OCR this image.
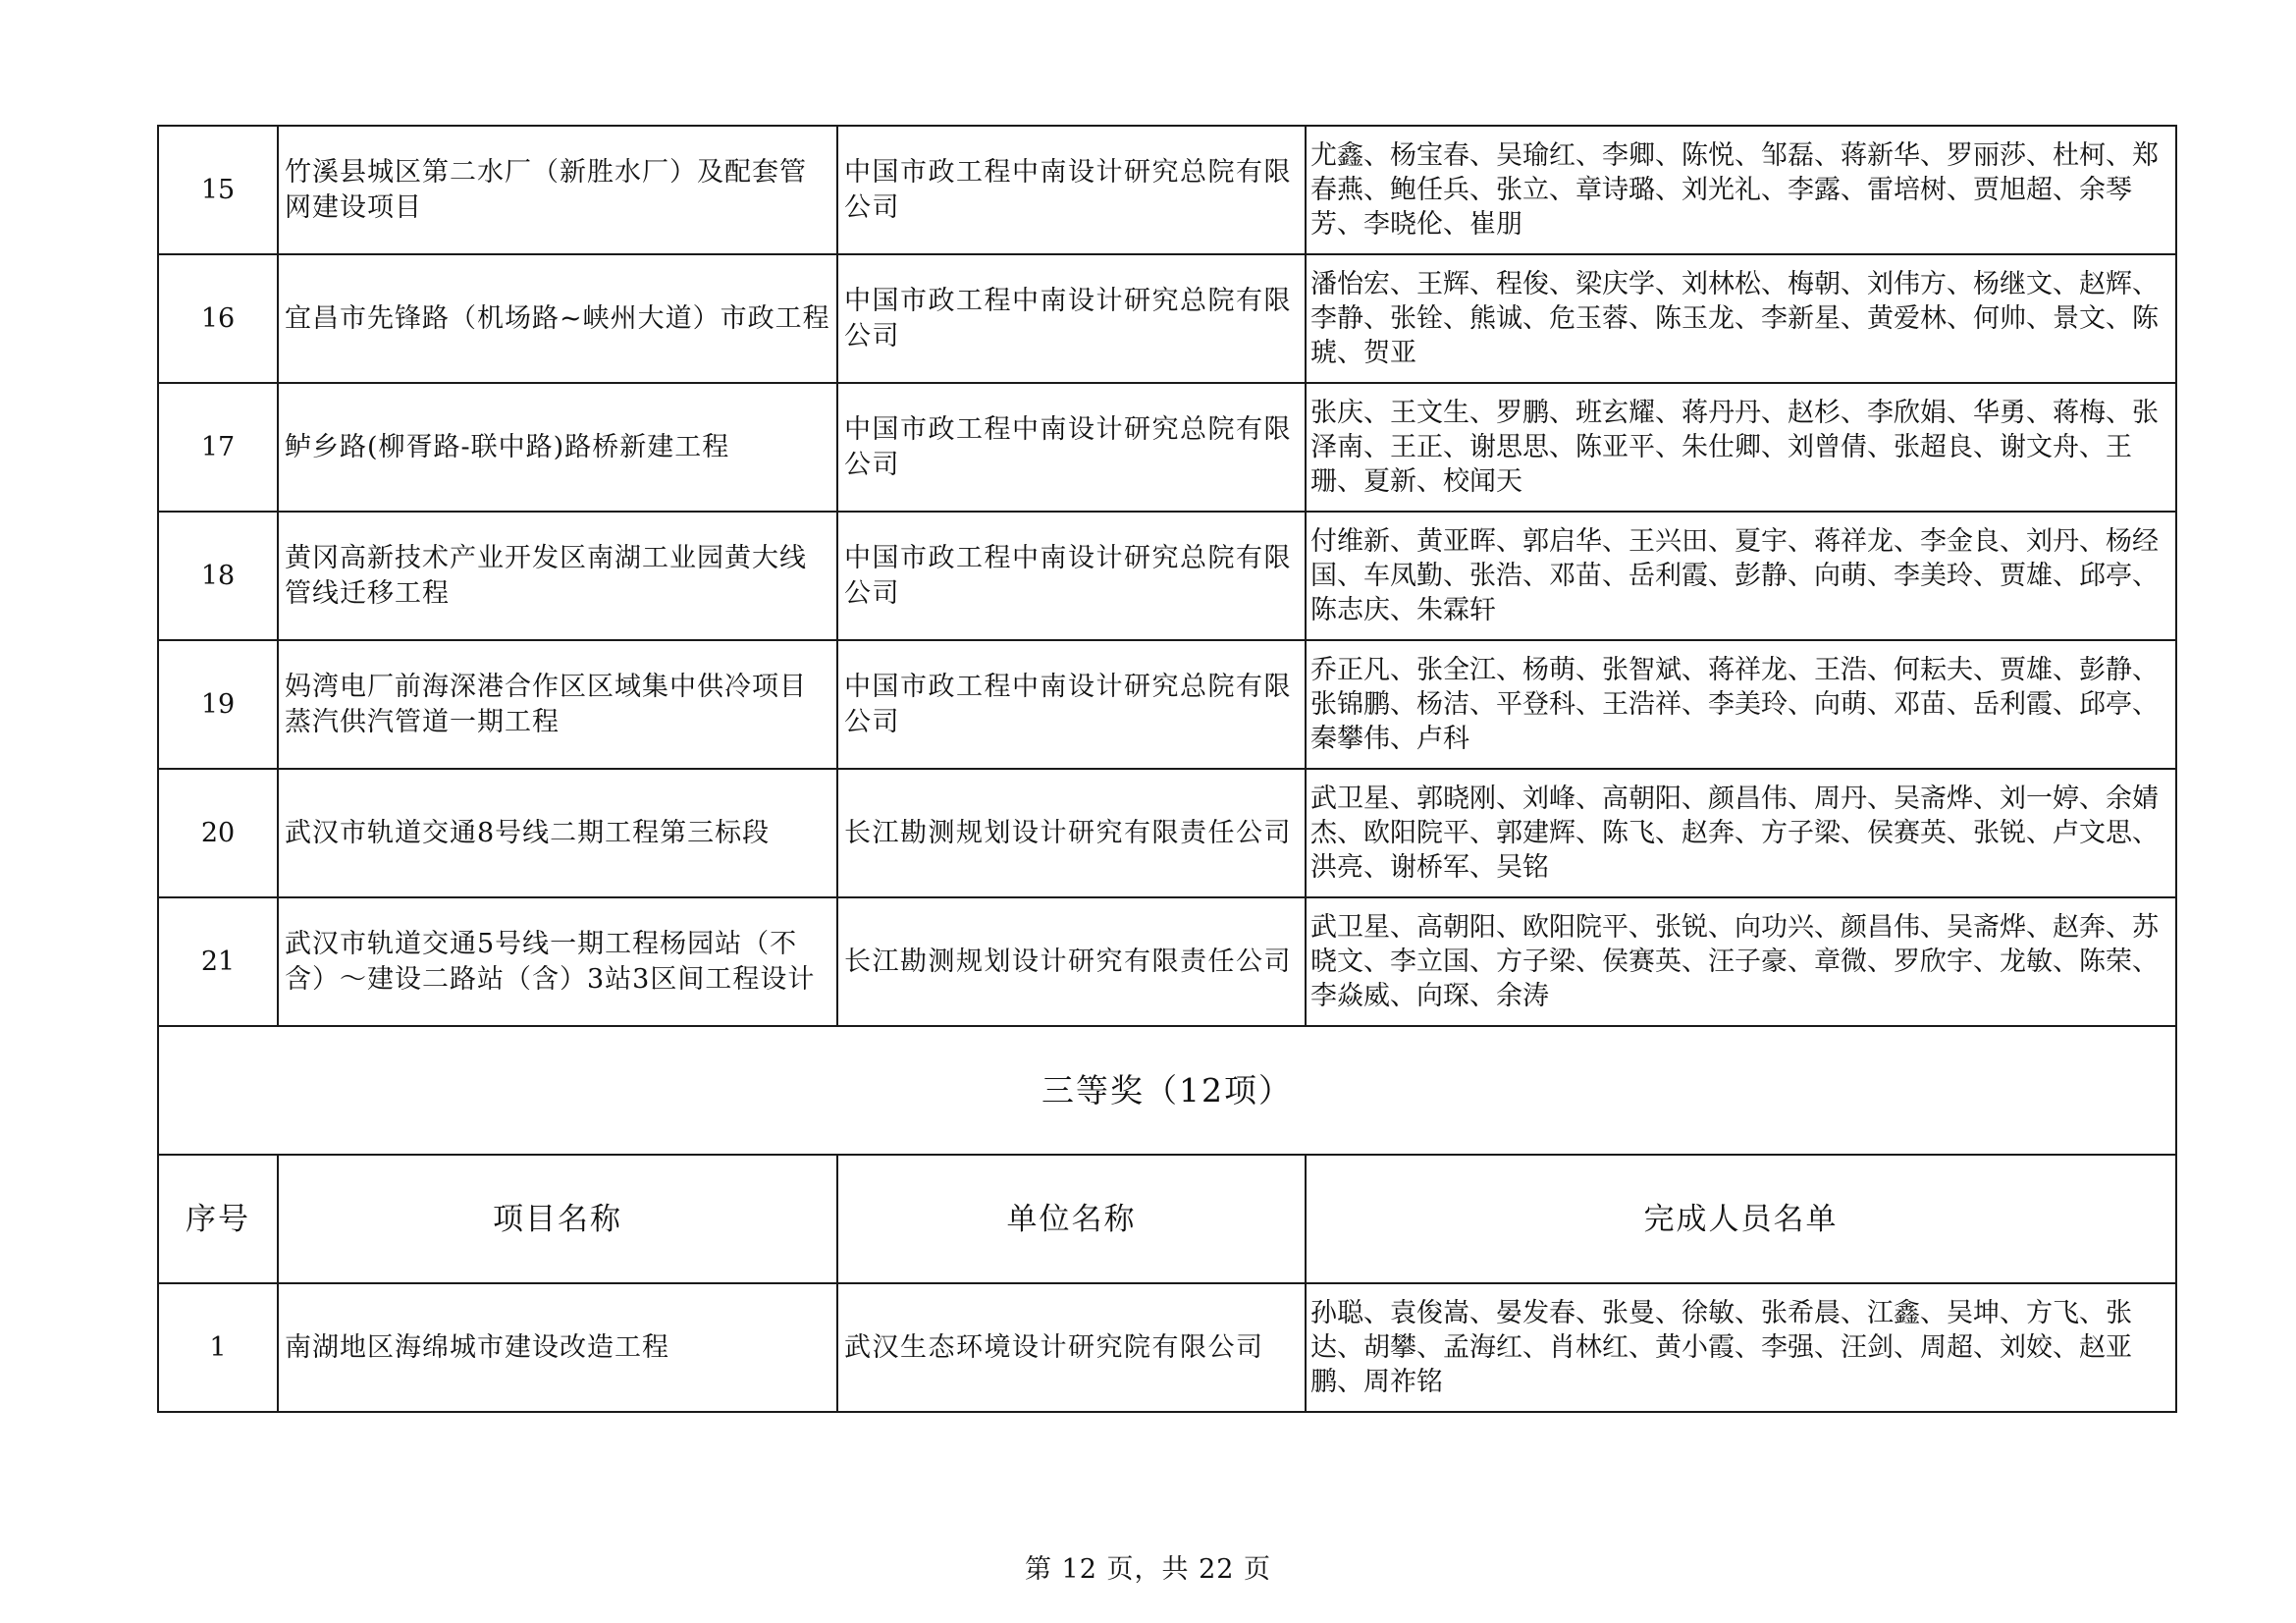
15	竹溪县城区第二水厂（新胜水厂）及配套管网建设项目	中国市政工程中南设计研究总院有限公司	尤鑫、杨宝春、吴瑜红、李卿、陈悦、邹磊、蒋新华、罗丽莎、杜柯、郑春燕、鲍任兵、张立、章诗璐、刘光礼、李露、雷培树、贾旭超、余琴芳、李晓伦、崔朋
16	宜昌市先锋路（机场路~峡州大道）市政工程	中国市政工程中南设计研究总院有限公司	潘怡宏、王辉、程俊、梁庆学、刘林松、梅朝、刘伟方、杨继文、赵辉、李静、张铨、熊诚、危玉蓉、陈玉龙、李新星、黄爱林、何帅、景文、陈琥、贺亚
17	鲈乡路(柳胥路-联中路)路桥新建工程	中国市政工程中南设计研究总院有限公司	张庆、王文生、罗鹏、班玄耀、蒋丹丹、赵杉、李欣娟、华勇、蒋梅、张泽南、王正、谢思思、陈亚平、朱仕卿、刘曾倩、张超良、谢文舟、王珊、夏新、校闻天
18	黄冈高新技术产业开发区南湖工业园黄大线管线迁移工程	中国市政工程中南设计研究总院有限公司	付维新、黄亚晖、郭启华、王兴田、夏宇、蒋祥龙、李金良、刘丹、杨经国、车凤勤、张浩、邓苗、岳利霞、彭静、向萌、李美玲、贾雄、邱亭、陈志庆、朱霖轩
19	妈湾电厂前海深港合作区区域集中供冷项目蒸汽供汽管道一期工程	中国市政工程中南设计研究总院有限公司	乔正凡、张全江、杨萌、张智斌、蒋祥龙、王浩、何耘夫、贾雄、彭静、张锦鹏、杨洁、平登科、王浩祥、李美玲、向萌、邓苗、岳利霞、邱亭、秦攀伟、卢科
20	武汉市轨道交通8号线二期工程第三标段	长江勘测规划设计研究有限责任公司	武卫星、郭晓刚、刘峰、高朝阳、颜昌伟、周丹、吴斋烨、刘一婷、余婧杰、欧阳院平、郭建辉、陈飞、赵奔、方子梁、侯赛英、张锐、卢文思、洪亮、谢桥军、吴铭
21	武汉市轨道交通5号线一期工程杨园站（不含）～建设二路站（含）3站3区间工程设计	长江勘测规划设计研究有限责任公司	武卫星、高朝阳、欧阳院平、张锐、向功兴、颜昌伟、吴斋烨、赵奔、苏晓文、李立国、方子梁、侯赛英、汪子豪、章微、罗欣宇、龙敏、陈荣、李焱威、向琛、余涛
三等奖（12项）			
序号	项目名称	单位名称	完成人员名单
1	南湖地区海绵城市建设改造工程	武汉生态环境设计研究院有限公司	孙聪、袁俊嵩、晏发春、张曼、徐敏、张希晨、江鑫、吴坤、方飞、张达、胡攀、孟海红、肖林红、黄小霞、李强、汪剑、周超、刘姣、赵亚鹏、周祚铭
第 12 页，共 22 页
